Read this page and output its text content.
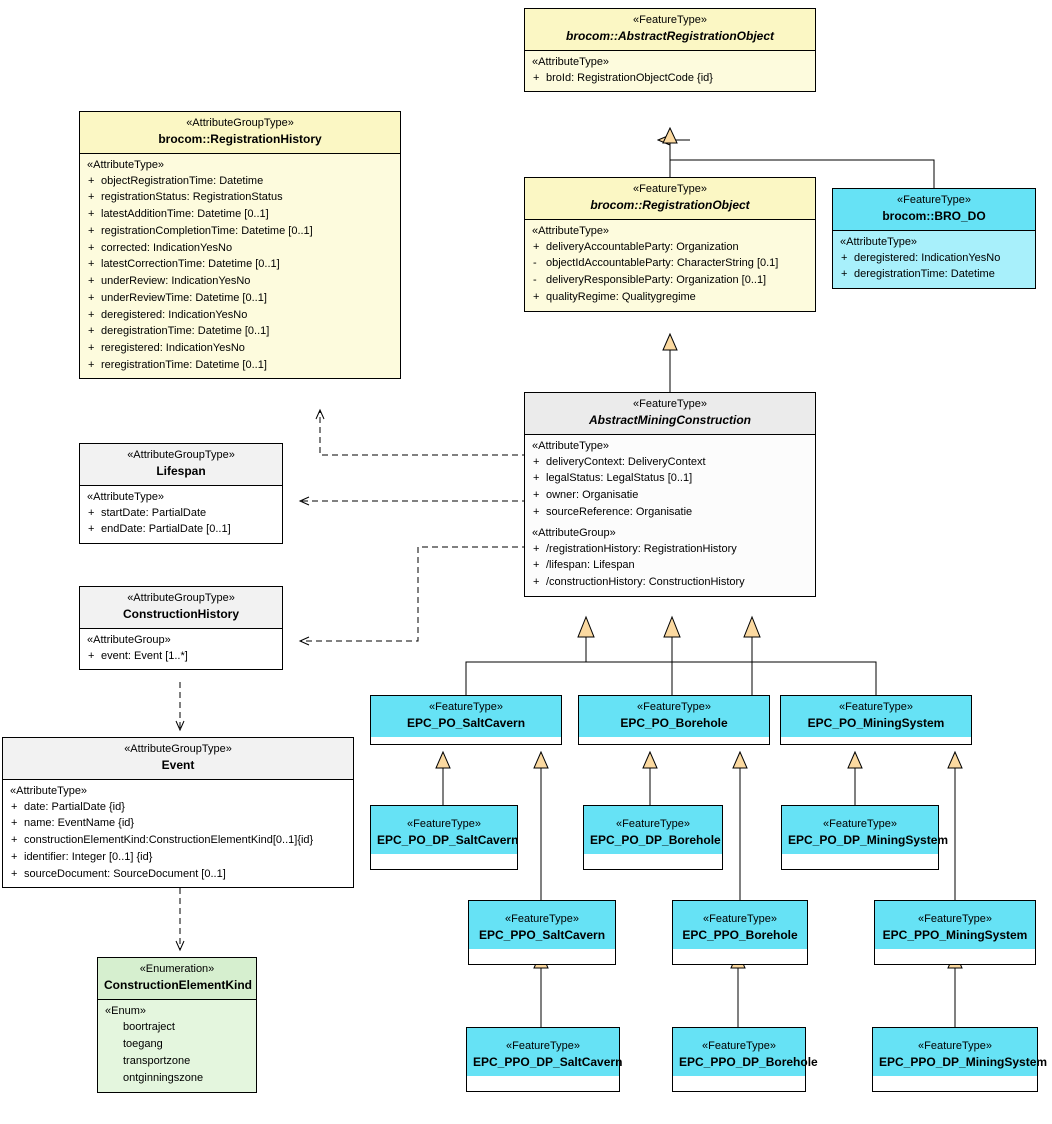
«FeatureType»
brocom::AbstractRegistrationObject
«AttributeType»
+ broId: RegistrationObjectCode {id}
«AttributeGroupType»
brocom::RegistrationHistory
«AttributeType»
+ objectRegistrationTime: Datetime
+ registrationStatus: RegistrationStatus
+ latestAdditionTime: Datetime [0..1]
+ registrationCompletionTime: Datetime [0..1]
+ corrected: IndicationYesNo
+ latestCorrectionTime: Datetime [0..1]
+ underReview: IndicationYesNo
+ underReviewTime: Datetime [0..1]
+ deregistered: IndicationYesNo
+ deregistrationTime: Datetime [0..1]
+ reregistered: IndicationYesNo
+ reregistrationTime: Datetime [0..1]
«FeatureType»
brocom::RegistrationObject
«AttributeType»
+ deliveryAccountableParty: Organization
- objectIdAccountableParty: CharacterString [0.1]
- deliveryResponsibleParty: Organization [0..1]
+ qualityRegime: Qualitygregime
«FeatureType»
brocom::BRO_DO
«AttributeType»
+ deregistered: IndicationYesNo
+ deregistrationTime: Datetime
«FeatureType»
AbstractMiningConstruction
«AttributeType»
+ deliveryContext: DeliveryContext
+ legalStatus: LegalStatus [0..1]
+ owner: Organisatie
+ sourceReference: Organisatie
«AttributeGroup»
+ /registrationHistory: RegistrationHistory
+ /lifespan: Lifespan
+ /constructionHistory: ConstructionHistory
«AttributeGroupType»
Lifespan
«AttributeType»
+ startDate: PartialDate
+ endDate: PartialDate [0..1]
«AttributeGroupType»
ConstructionHistory
«AttributeGroup»
+ event: Event [1..*]
«AttributeGroupType»
Event
«AttributeType»
+ date: PartialDate {id}
+ name: EventName {id}
+ constructionElementKind:ConstructionElementKind[0..1]{id}
+ identifier: Integer [0..1] {id}
+ sourceDocument: SourceDocument [0..1]
«Enumeration»
ConstructionElementKind
«Enum»
boortraject
toegang
transportzone
ontginningszone
«FeatureType»
EPC_PO_SaltCavern
«FeatureType»
EPC_PO_Borehole
«FeatureType»
EPC_PO_MiningSystem
«FeatureType»
EPC_PO_DP_SaltCavern
«FeatureType»
EPC_PO_DP_Borehole
«FeatureType»
EPC_PO_DP_MiningSystem
«FeatureType»
EPC_PPO_SaltCavern
«FeatureType»
EPC_PPO_Borehole
«FeatureType»
EPC_PPO_MiningSystem
«FeatureType»
EPC_PPO_DP_SaltCavern
«FeatureType»
EPC_PPO_DP_Borehole
«FeatureType»
EPC_PPO_DP_MiningSystem
